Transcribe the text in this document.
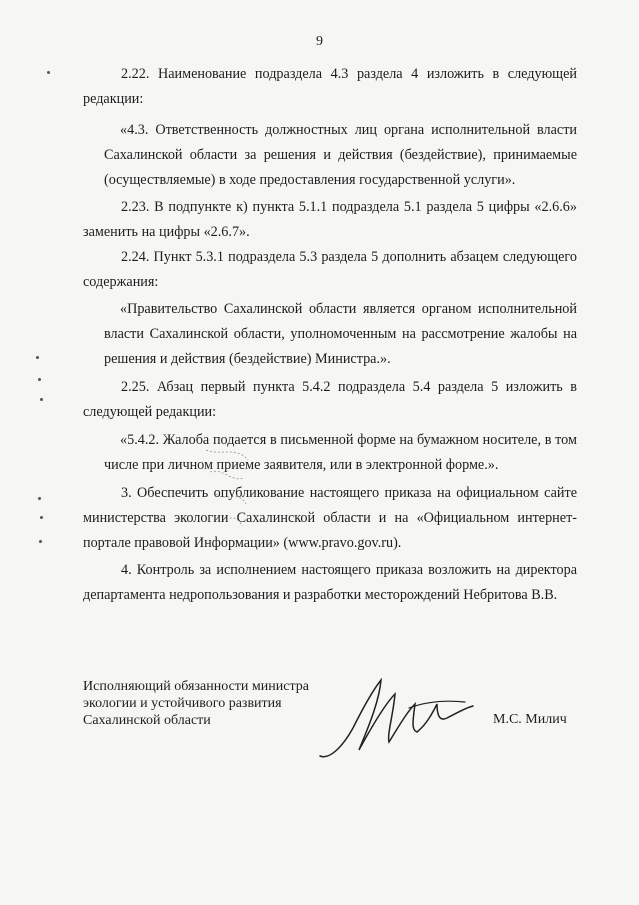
9

2.22. Наименование подраздела 4.3 раздела 4 изложить в следующей редакции:

«4.3. Ответственность должностных лиц органа исполнительной власти Сахалинской области за решения и действия (бездействие), принимаемые (осуществляемые) в ходе предоставления государственной услуги».

2.23. В подпункте к) пункта 5.1.1 подраздела 5.1 раздела 5 цифры «2.6.6» заменить на цифры «2.6.7».

2.24. Пункт 5.3.1 подраздела 5.3 раздела 5 дополнить абзацем следующего содержания:

«Правительство Сахалинской области является органом исполнительной власти Сахалинской области, уполномоченным на рассмотрение жалобы на решения и действия (бездействие) Министра.».

2.25. Абзац первый пункта 5.4.2 подраздела 5.4 раздела 5 изложить в следующей редакции:

«5.4.2. Жалоба подается в письменной форме на бумажном носителе, в том числе при личном приеме заявителя, или в электронной форме.».

3. Обеспечить опубликование настоящего приказа на официальном сайте министерства экологии Сахалинской области и на «Официальном интернет-портале правовой Информации» (www.pravo.gov.ru).

4. Контроль за исполнением настоящего приказа возложить на директора департамента недропользования и разработки месторождений Небритова В.В.

Исполняющий обязанности министра
экологии и устойчивого развития
Сахалинской области	М.С. Милич
